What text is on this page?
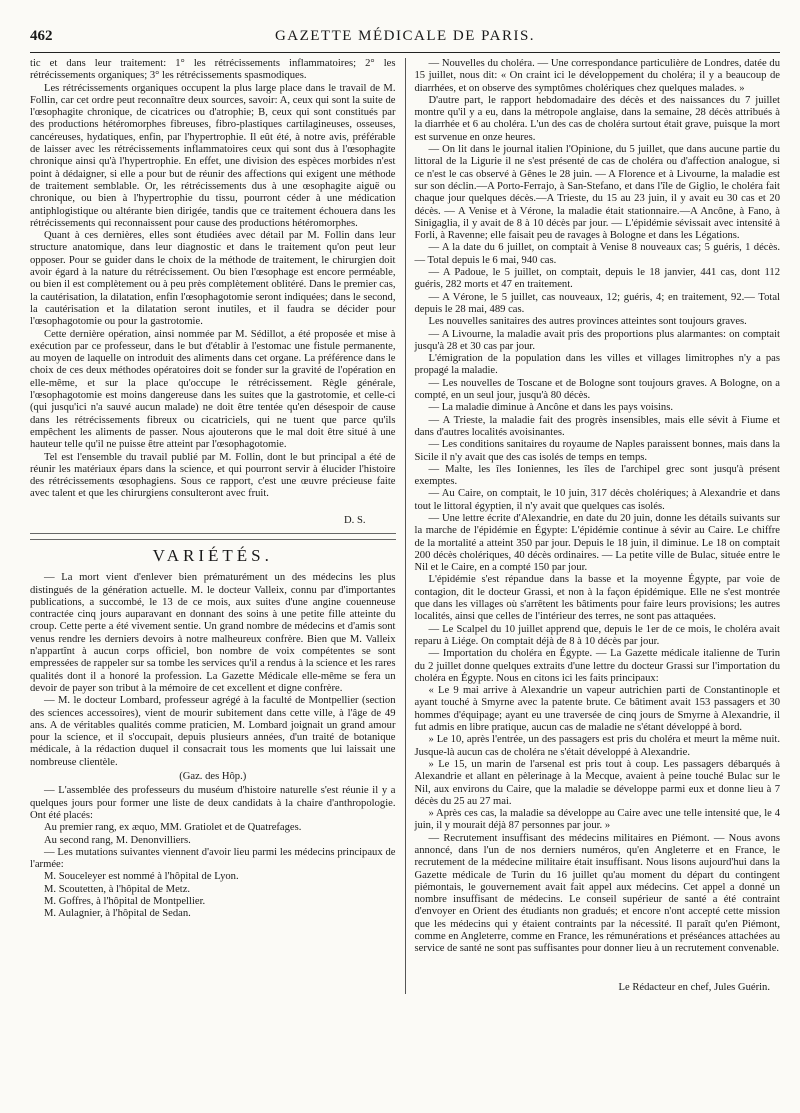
462	GAZETTE MÉDICALE DE PARIS.

tic et dans leur traitement: 1° les rétrécissements inflammatoires; 2° les rétrécissements organiques; 3° les rétrécissements spasmodiques.

Les rétrécissements organiques occupent la plus large place dans le travail de M. Follin, car cet ordre peut reconnaître deux sources, savoir: A, ceux qui sont la suite de l'œsophagite chronique, de cicatrices ou d'atrophie; B, ceux qui sont constitués par des productions hétéromorphes fibreuses, fibro-plastiques cartilagineuses, osseuses, cancéreuses, hydatiques, enfin, par l'hypertrophie. Il eût été, à notre avis, préférable de laisser avec les rétrécissements inflammatoires ceux qui sont dus à l'œsophagite chronique ainsi qu'à l'hypertrophie. En effet, une division des espèces morbides n'est point à dédaigner, si elle a pour but de réunir des affections qui exigent une méthode de traitement semblable. Or, les rétrécissements dus à une œsophagite aiguë ou chronique, ou bien à l'hypertrophie du tissu, pourront céder à une médication antiphlogistique ou altérante bien dirigée, tandis que ce traitement échouera dans les rétrécissements qui reconnaissent pour cause des productions hétéromorphes.

Quant à ces dernières, elles sont étudiées avec détail par M. Follin dans leur structure anatomique, dans leur diagnostic et dans le traitement qu'on peut leur opposer. Pour se guider dans le choix de la méthode de traitement, le chirurgien doit avoir égard à la nature du rétrécissement. Ou bien l'œsophage est encore perméable, ou bien il est complètement ou à peu près complètement oblitéré. Dans le premier cas, la cautérisation, la dilatation, enfin l'œsophagotomie seront indiquées; dans le second, la cautérisation et la dilatation seront inutiles, et il faudra se décider pour l'œsophagotomie ou pour la gastrotomie.

Cette dernière opération, ainsi nommée par M. Sédillot, a été proposée et mise à exécution par ce professeur, dans le but d'établir à l'estomac une fistule permanente, au moyen de laquelle on introduit des aliments dans cet organe. La préférence dans le choix de ces deux méthodes opératoires doit se fonder sur la gravité de l'opération en elle-même, et sur la place qu'occupe le rétrécissement. Règle générale, l'œsophagotomie est moins dangereuse dans les suites que la gastrotomie, et celle-ci (qui jusqu'ici n'a sauvé aucun malade) ne doit être tentée qu'en désespoir de cause dans les rétrécissements fibreux ou cicatriciels, qui ne tuent que parce qu'ils empêchent les aliments de passer. Nous ajouterons que le mal doit être situé à une hauteur telle qu'il ne puisse être atteint par l'œsophagotomie.

Tel est l'ensemble du travail publié par M. Follin, dont le but principal a été de réunir les matériaux épars dans la science, et qui pourront servir à élucider l'histoire des rétrécissements œsophagiens. Sous ce rapport, c'est une œuvre précieuse faite avec talent et que les chirurgiens consulteront avec fruit.

D. S.
VARIÉTÉS.

— La mort vient d'enlever bien prématurément un des médecins les plus distingués de la génération actuelle. M. le docteur Valleix, connu par d'importantes publications, a succombé, le 13 de ce mois, aux suites d'une angine couenneuse contractée cinq jours auparavant en donnant des soins à une petite fille atteinte du croup. Cette perte a été vivement sentie. Un grand nombre de médecins et d'amis sont venus rendre les derniers devoirs à notre malheureux confrère. Bien que M. Valleix n'appartînt à aucun corps officiel, bon nombre de voix compétentes se sont empressées de rappeler sur sa tombe les services qu'il a rendus à la science et les rares qualités dont il a honoré la profession. La Gazette Médicale elle-même se fera un devoir de payer son tribut à la mémoire de cet excellent et digne confrère.

— M. le docteur Lombard, professeur agrégé à la faculté de Montpellier (section des sciences accessoires), vient de mourir subitement dans cette ville, à l'âge de 49 ans. A de véritables qualités comme praticien, M. Lombard joignait un grand amour pour la science, et il s'occupait, depuis plusieurs années, d'un traité de botanique médicale, à la rédaction duquel il consacrait tous les moments que lui laissait une nombreuse clientèle.

(Gaz. des Hôp.)

— L'assemblée des professeurs du muséum d'histoire naturelle s'est réunie il y a quelques jours pour former une liste de deux candidats à la chaire d'anthropologie. Ont été placés:

Au premier rang, ex æquo, MM. Gratiolet et de Quatrefages.
Au second rang, M. Denonvilliers.

— Les mutations suivantes viennent d'avoir lieu parmi les médecins principaux de l'armée:

M. Souceleyer est nommé à l'hôpital de Lyon.
M. Scoutetten, à l'hôpital de Metz.
M. Goffres, à l'hôpital de Montpellier.
M. Aulagnier, à l'hôpital de Sedan.

— Nouvelles du choléra. — Une correspondance particulière de Londres, datée du 15 juillet, nous dit: « On craint ici le développement du choléra; il y a beaucoup de diarrhées, et on observe des symptômes cholériques chez quelques malades. »

D'autre part, le rapport hebdomadaire des décès et des naissances du 7 juillet montre qu'il y a eu, dans la métropole anglaise, dans la semaine, 28 décès attribués à la diarrhée et 6 au choléra. L'un des cas de choléra surtout était grave, puisque la mort est survenue en onze heures.

— On lit dans le journal italien l'Opinione, du 5 juillet, que dans aucune partie du littoral de la Ligurie il ne s'est présenté de cas de choléra ou d'affection analogue, si ce n'est le cas observé à Gênes le 28 juin. — A Florence et à Livourne, la maladie est sur son déclin.—A Porto-Ferrajo, à San-Stefano, et dans l'île de Giglio, le choléra fait chaque jour quelques décès.—A Trieste, du 15 au 23 juin, il y avait eu 30 cas et 20 décès. — A Venise et à Vérone, la maladie était stationnaire.—A Ancône, à Fano, à Sinigaglia, il y avait de 8 à 10 décès par jour. — L'épidémie sévissait avec intensité à Forli, à Ravenne; elle faisait peu de ravages à Bologne et dans les Légations.

— A la date du 6 juillet, on comptait à Venise 8 nouveaux cas; 5 guéris, 1 décès. — Total depuis le 6 mai, 940 cas.

— A Padoue, le 5 juillet, on comptait, depuis le 18 janvier, 441 cas, dont 112 guéris, 282 morts et 47 en traitement.

— A Vérone, le 5 juillet, cas nouveaux, 12; guéris, 4; en traitement, 92.— Total depuis le 28 mai, 489 cas.

Les nouvelles sanitaires des autres provinces atteintes sont toujours graves.

— A Livourne, la maladie avait pris des proportions plus alarmantes: on comptait jusqu'à 28 et 30 cas par jour.

L'émigration de la population dans les villes et villages limitrophes n'y a pas propagé la maladie.

— Les nouvelles de Toscane et de Bologne sont toujours graves. A Bologne, on a compté, en un seul jour, jusqu'à 80 décès.

— La maladie diminue à Ancône et dans les pays voisins.

— A Trieste, la maladie fait des progrès insensibles, mais elle sévit à Fiume et dans d'autres localités avoisinantes.

— Les conditions sanitaires du royaume de Naples paraissent bonnes, mais dans la Sicile il n'y avait que des cas isolés de temps en temps.

— Malte, les îles Ioniennes, les îles de l'archipel grec sont jusqu'à présent exemptes.

— Au Caire, on comptait, le 10 juin, 317 décès cholériques; à Alexandrie et dans tout le littoral égyptien, il n'y avait que quelques cas isolés.

— Une lettre écrite d'Alexandrie, en date du 20 juin, donne les détails suivants sur la marche de l'épidémie en Égypte: L'épidémie continue à sévir au Caire. Le chiffre de la mortalité a atteint 350 par jour. Depuis le 18 juin, il diminue. Le 18 on comptait 200 décès cholériques, 40 décès ordinaires. — La petite ville de Bulac, située entre le Nil et le Caire, en a compté 150 par jour.

L'épidémie s'est répandue dans la basse et la moyenne Égypte, par voie de contagion, dit le docteur Grassi, et non à la façon épidémique. Elle ne s'est montrée que dans les villages où s'arrêtent les bâtiments pour faire leurs provisions; les autres localités, ainsi que celles de l'intérieur des terres, ne sont pas attaquées.

— Le Scalpel du 10 juillet apprend que, depuis le 1er de ce mois, le choléra avait reparu à Liége. On comptait déjà de 8 à 10 décès par jour.

— Importation du choléra en Égypte. — La Gazette médicale italienne de Turin du 2 juillet donne quelques extraits d'une lettre du docteur Grassi sur l'importation du choléra en Égypte. Nous en citons ici les faits principaux:

« Le 9 mai arrive à Alexandrie un vapeur autrichien parti de Constantinople et ayant touché à Smyrne avec la patente brute. Ce bâtiment avait 153 passagers et 30 hommes d'équipage; ayant eu une traversée de cinq jours de Smyrne à Alexandrie, il fut admis en libre pratique, aucun cas de maladie ne s'étant développé à bord.

» Le 10, après l'entrée, un des passagers est pris du choléra et meurt la même nuit. Jusque-là aucun cas de choléra ne s'était développé à Alexandrie.

» Le 15, un marin de l'arsenal est pris tout à coup. Les passagers débarqués à Alexandrie et allant en pèlerinage à la Mecque, avaient à peine touché Bulac sur le Nil, aux environs du Caire, que la maladie se développe parmi eux et donne lieu à 7 décès du 25 au 27 mai.

» Après ces cas, la maladie sa développe au Caire avec une telle intensité que, le 4 juin, il y mourait déjà 87 personnes par jour. »

— Recrutement insuffisant des médecins militaires en Piémont. — Nous avons annoncé, dans l'un de nos derniers numéros, qu'en Angleterre et en France, le recrutement de la médecine militaire était insuffisant. Nous lisons aujourd'hui dans la Gazette médicale de Turin du 16 juillet qu'au moment du départ du contingent piémontais, le gouvernement avait fait appel aux médecins. Cet appel a donné un nombre insuffisant de médecins. Le conseil supérieur de santé a été contraint d'envoyer en Orient des étudiants non gradués; et encore n'ont accepté cette mission que les médecins qui y étaient contraints par la nécessité. Il paraît qu'en Piémont, comme en Angleterre, comme en France, les rémunérations et préséances attachées au service de santé ne sont pas suffisantes pour donner lieu à un recrutement convenable.

Le Rédacteur en chef, Jules Guérin.
